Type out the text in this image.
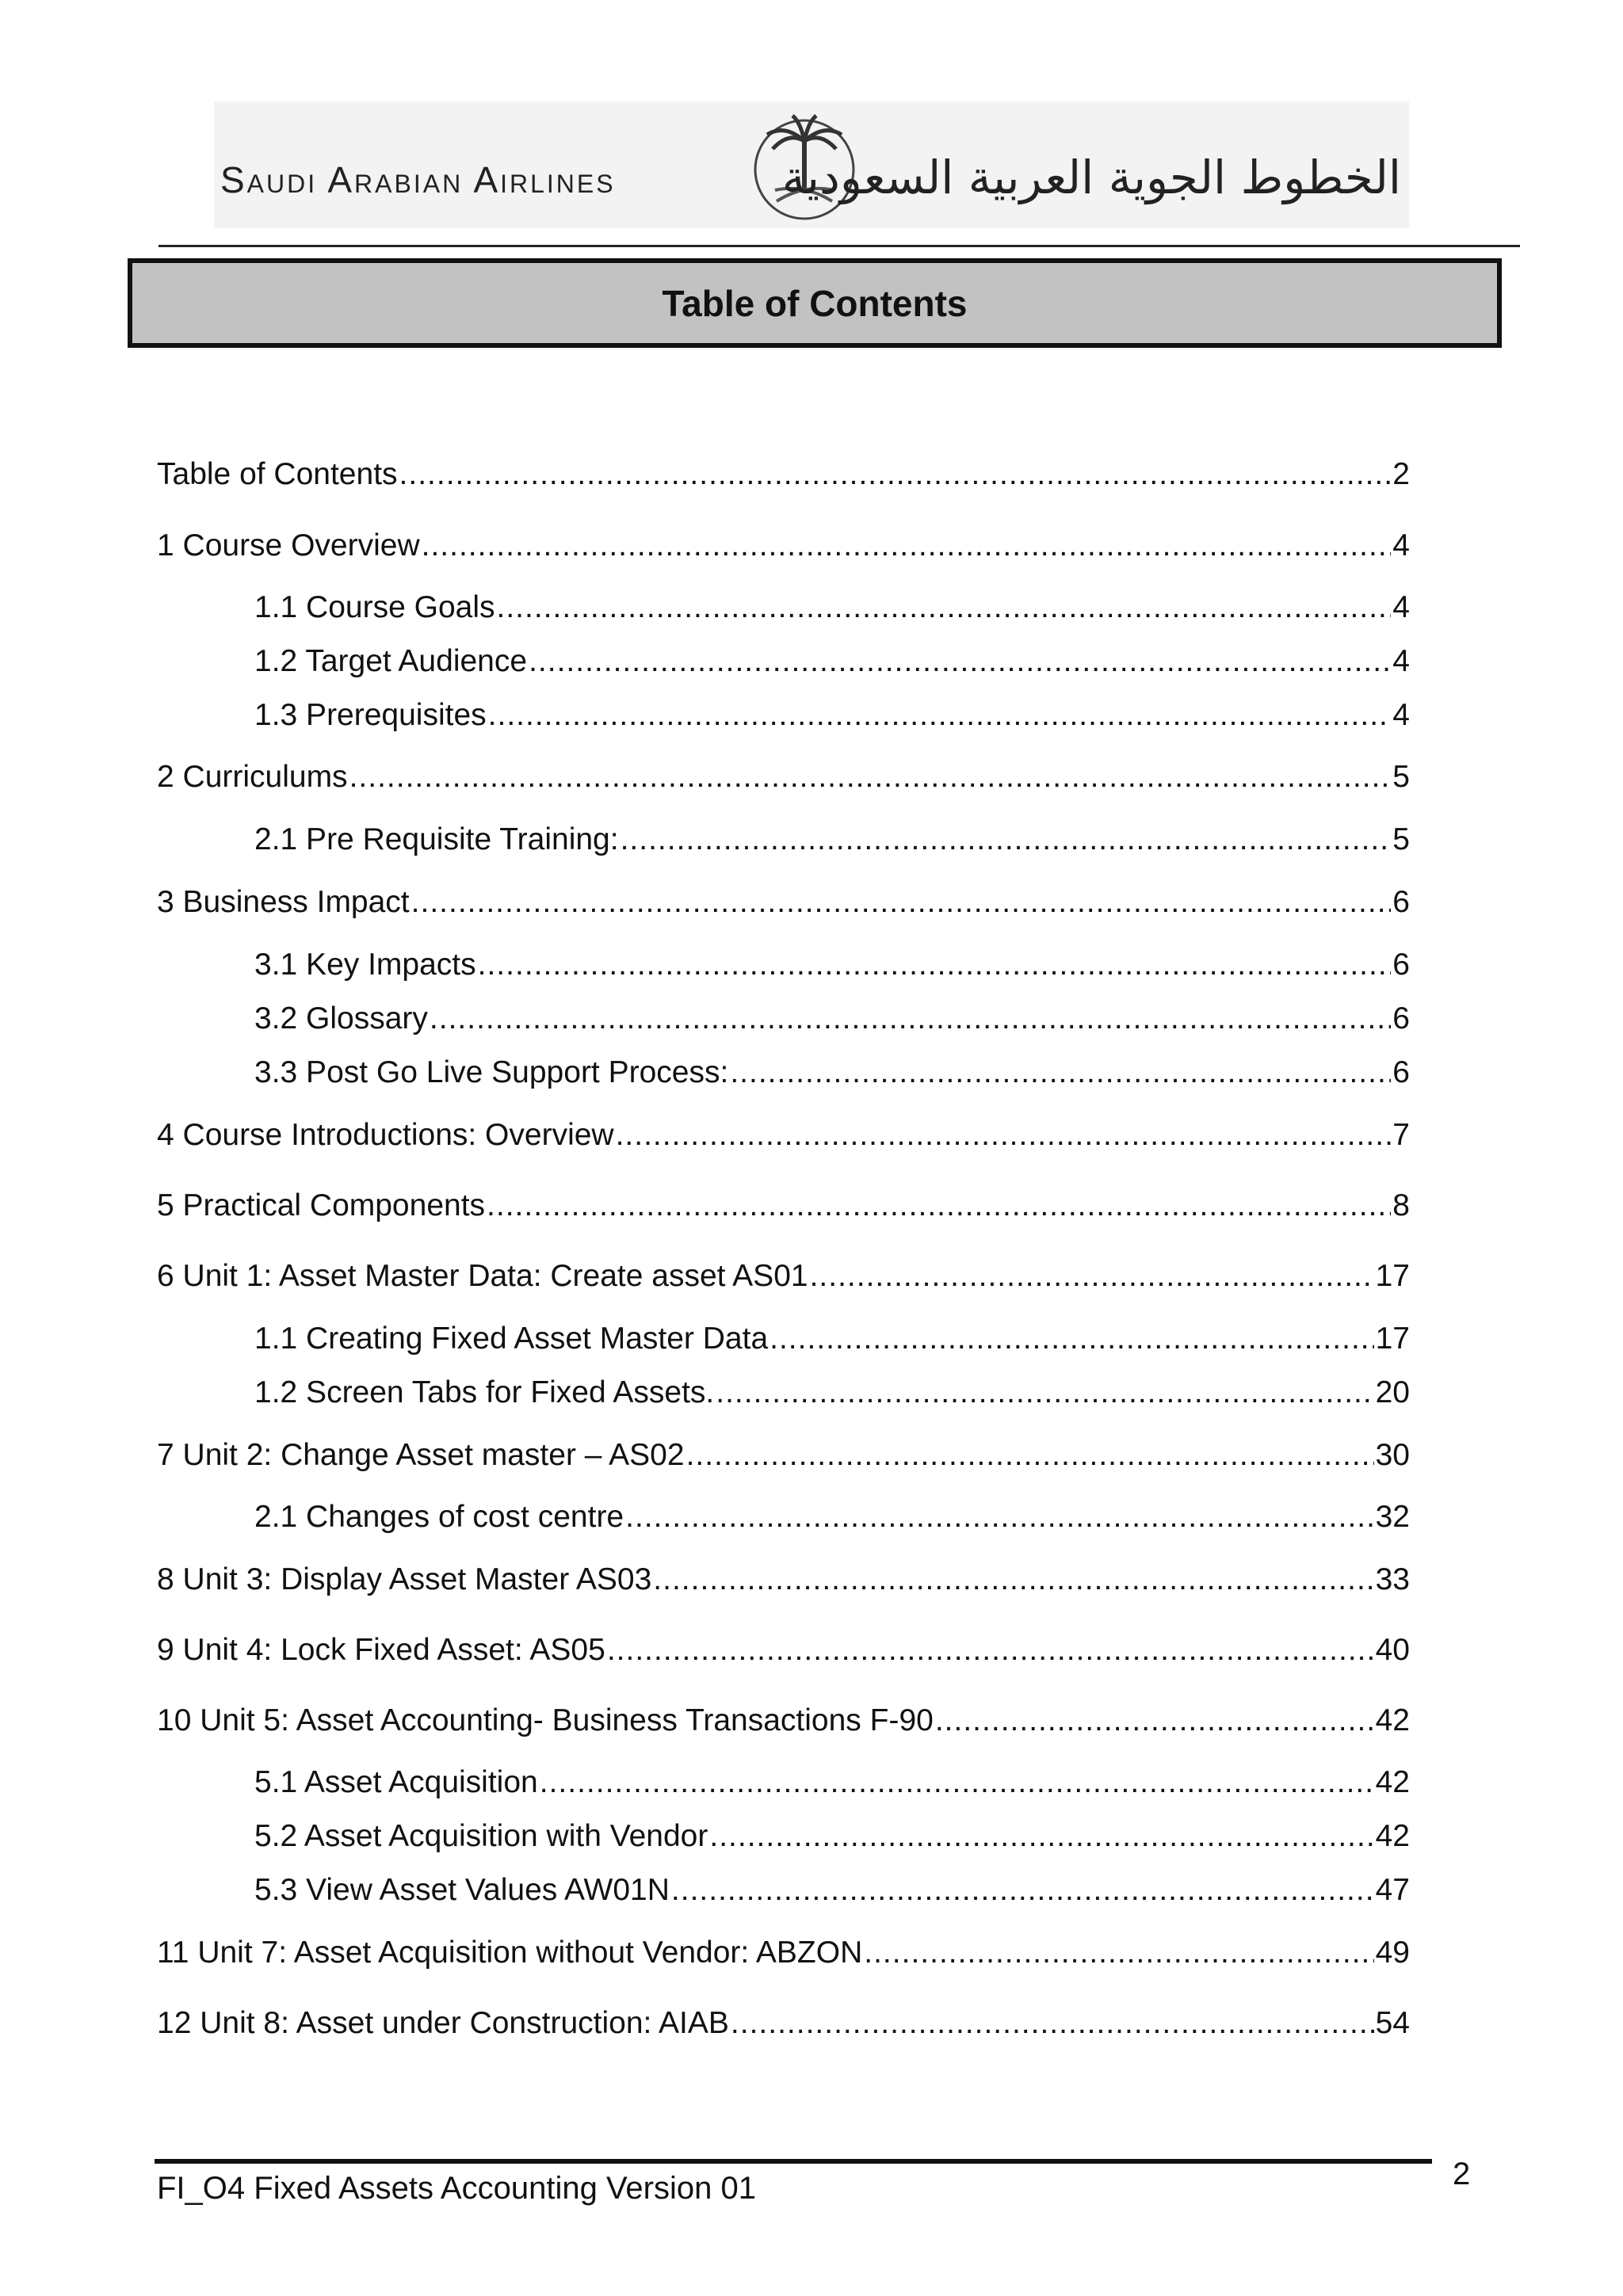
Saudi Arabian Airlines	الخطوط الجوية العربية السعودية
Table of Contents
Table of Contents .....	2
1 Course Overview .....	4
1.1 Course Goals .....	4
1.2 Target Audience .....	4
1.3 Prerequisites .....	4
2 Curriculums .....	5
2.1 Pre Requisite Training: .....	5
3 Business Impact .....	6
3.1 Key Impacts .....	6
3.2 Glossary .....	6
3.3 Post Go Live Support Process: .....	6
4 Course Introductions: Overview .....	7
5 Practical Components .....	8
6 Unit 1: Asset Master Data: Create asset AS01 .....	17
1.1 Creating Fixed Asset Master Data .....	17
1.2 Screen Tabs for Fixed Assets. .....	20
7 Unit 2: Change Asset master – AS02 .....	30
2.1 Changes of cost centre .....	32
8 Unit 3: Display Asset Master AS03 .....	33
9 Unit 4: Lock Fixed Asset: AS05 .....	40
10 Unit 5: Asset Accounting- Business Transactions F-90 .....	42
5.1 Asset Acquisition .....	42
5.2 Asset Acquisition with Vendor .....	42
5.3 View Asset Values AW01N .....	47
11 Unit 7: Asset Acquisition without Vendor: ABZON .....	49
12 Unit 8: Asset under Construction: AIAB .....	54
FI_O4 Fixed Assets Accounting Version 01	2
